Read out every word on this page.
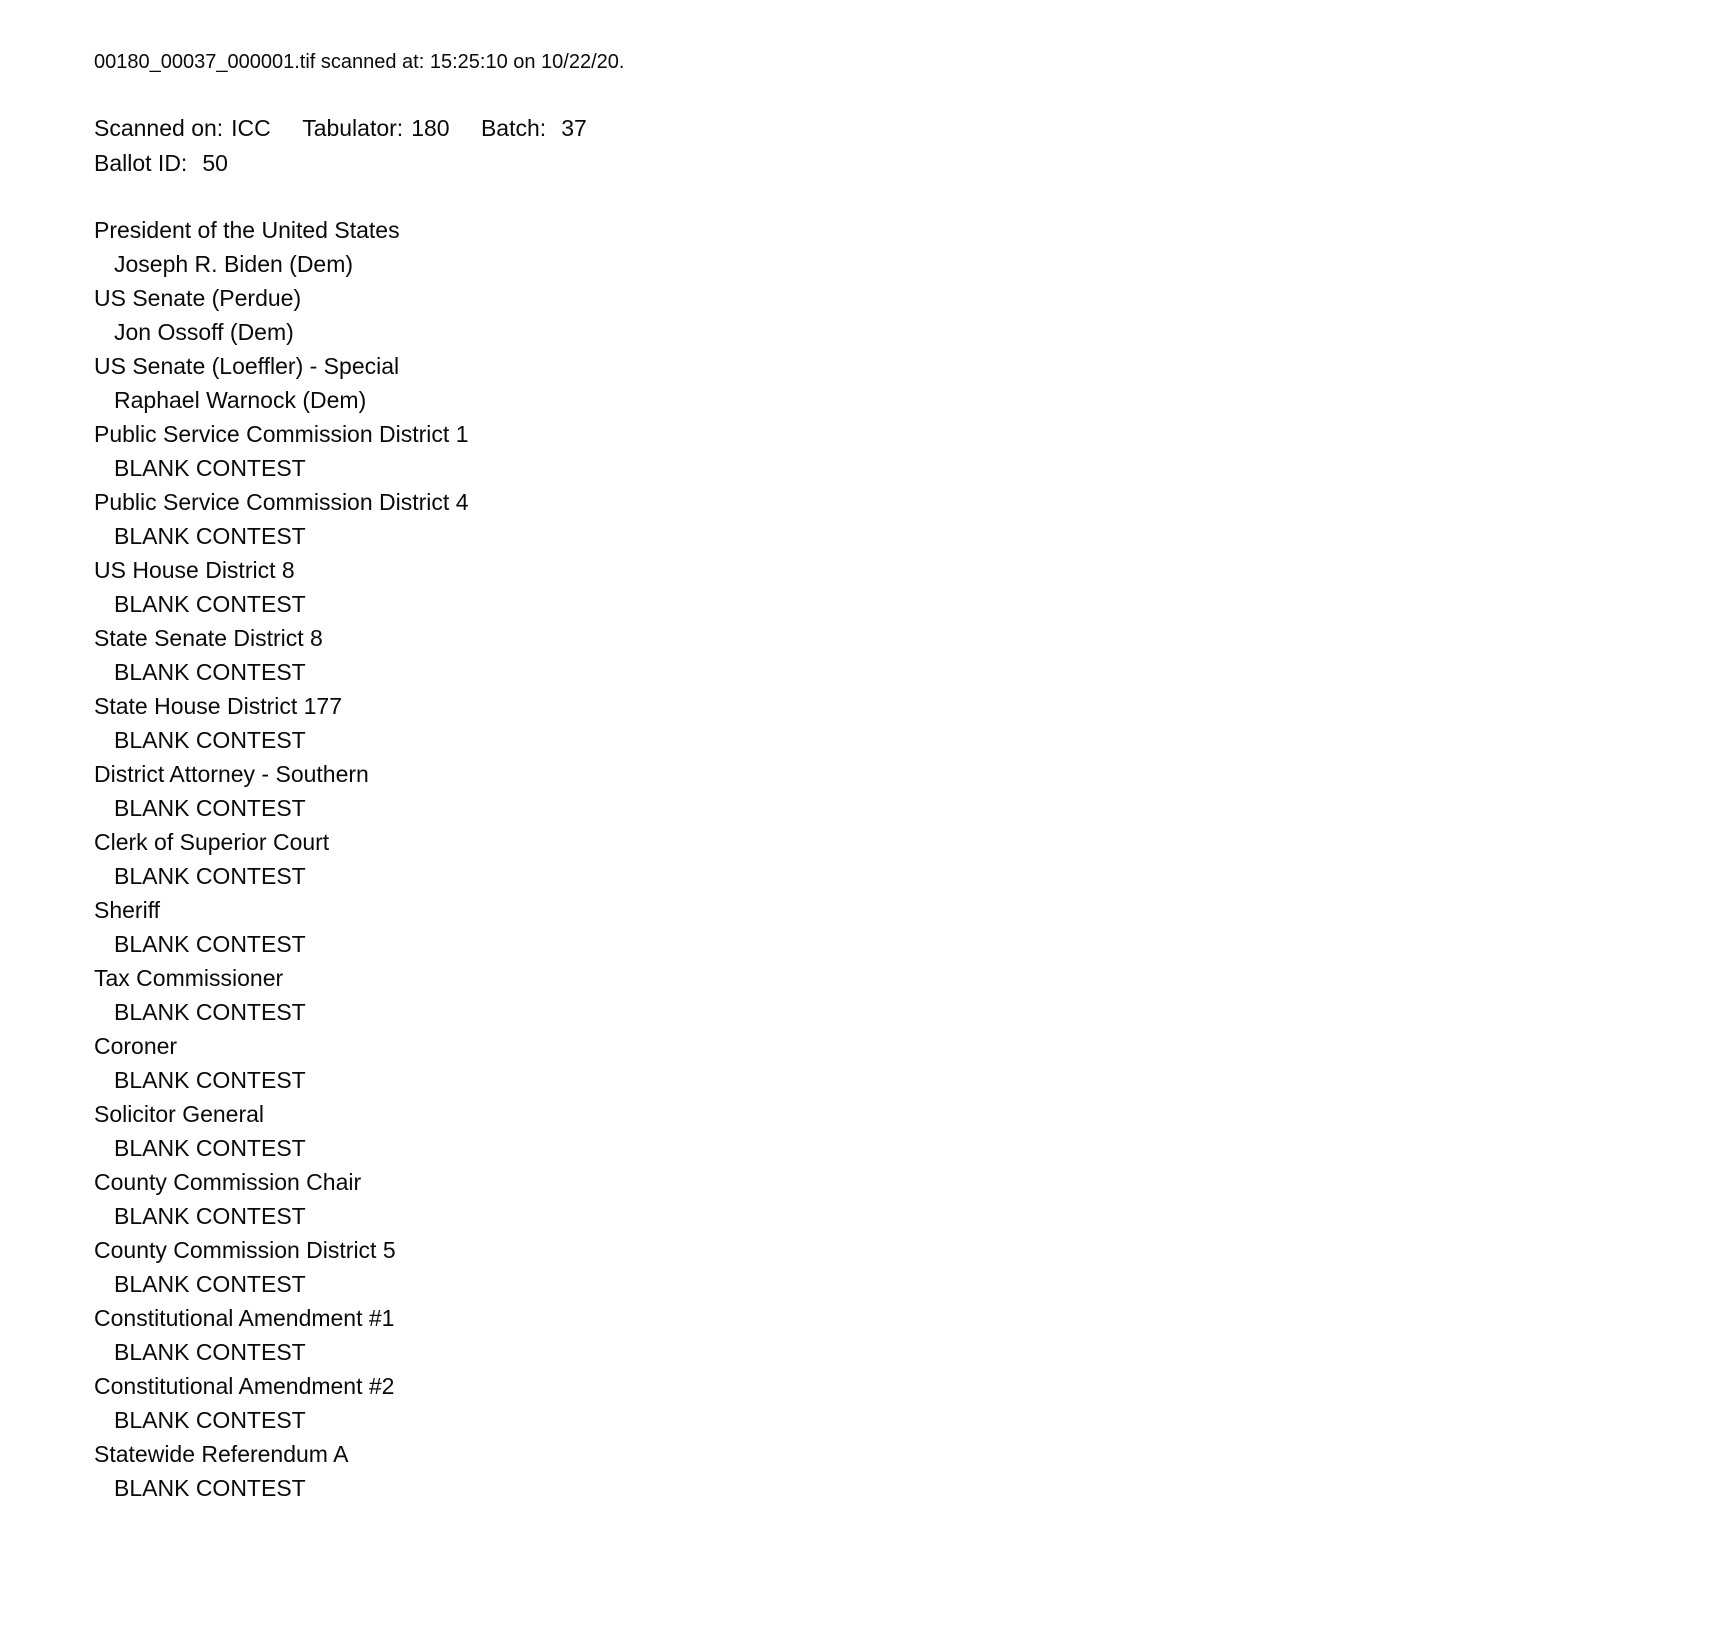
00180_00037_000001.tif scanned at: 15:25:10 on 10/22/20.
Scanned on: ICC Tabulator: 180 Batch: 37
Ballot ID: 50
President of the United States
Joseph R. Biden (Dem)
US Senate (Perdue)
Jon Ossoff (Dem)
US Senate (Loeffler) - Special
Raphael Warnock (Dem)
Public Service Commission District 1
BLANK CONTEST
Public Service Commission District 4
BLANK CONTEST
US House District 8
BLANK CONTEST
State Senate District 8
BLANK CONTEST
State House District 177
BLANK CONTEST
District Attorney - Southern
BLANK CONTEST
Clerk of Superior Court
BLANK CONTEST
Sheriff
BLANK CONTEST
Tax Commissioner
BLANK CONTEST
Coroner
BLANK CONTEST
Solicitor General
BLANK CONTEST
County Commission Chair
BLANK CONTEST
County Commission District 5
BLANK CONTEST
Constitutional Amendment #1
BLANK CONTEST
Constitutional Amendment #2
BLANK CONTEST
Statewide Referendum A
BLANK CONTEST
